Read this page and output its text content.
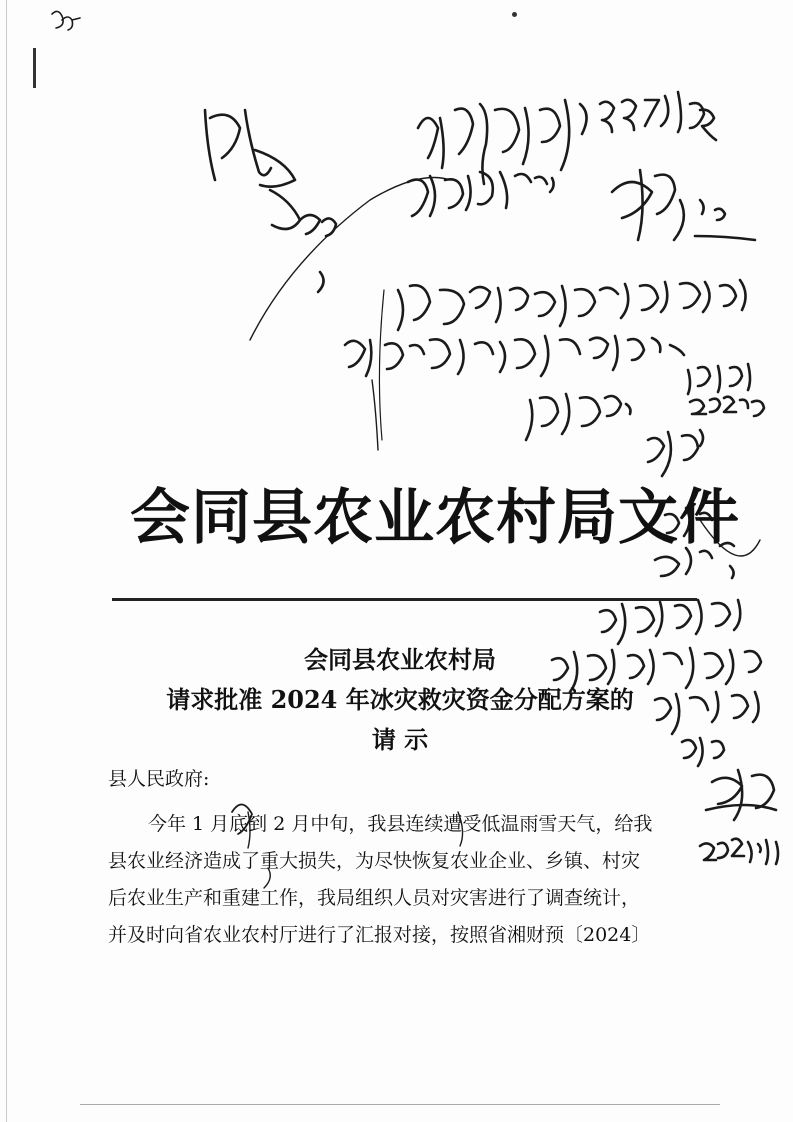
会同县农业农村局文件
会同县农业农村局
请求批准 2024 年冰灾救灾资金分配方案的
请 示
县人民政府:
今年 1 月底到 2 月中旬，我县连续遭受低温雨雪天气，给我
县农业经济造成了重大损失，为尽快恢复农业企业、乡镇、村灾
后农业生产和重建工作，我局组织人员对灾害进行了调查统计，
并及时向省农业农村厅进行了汇报对接，按照省湘财预〔2024〕
